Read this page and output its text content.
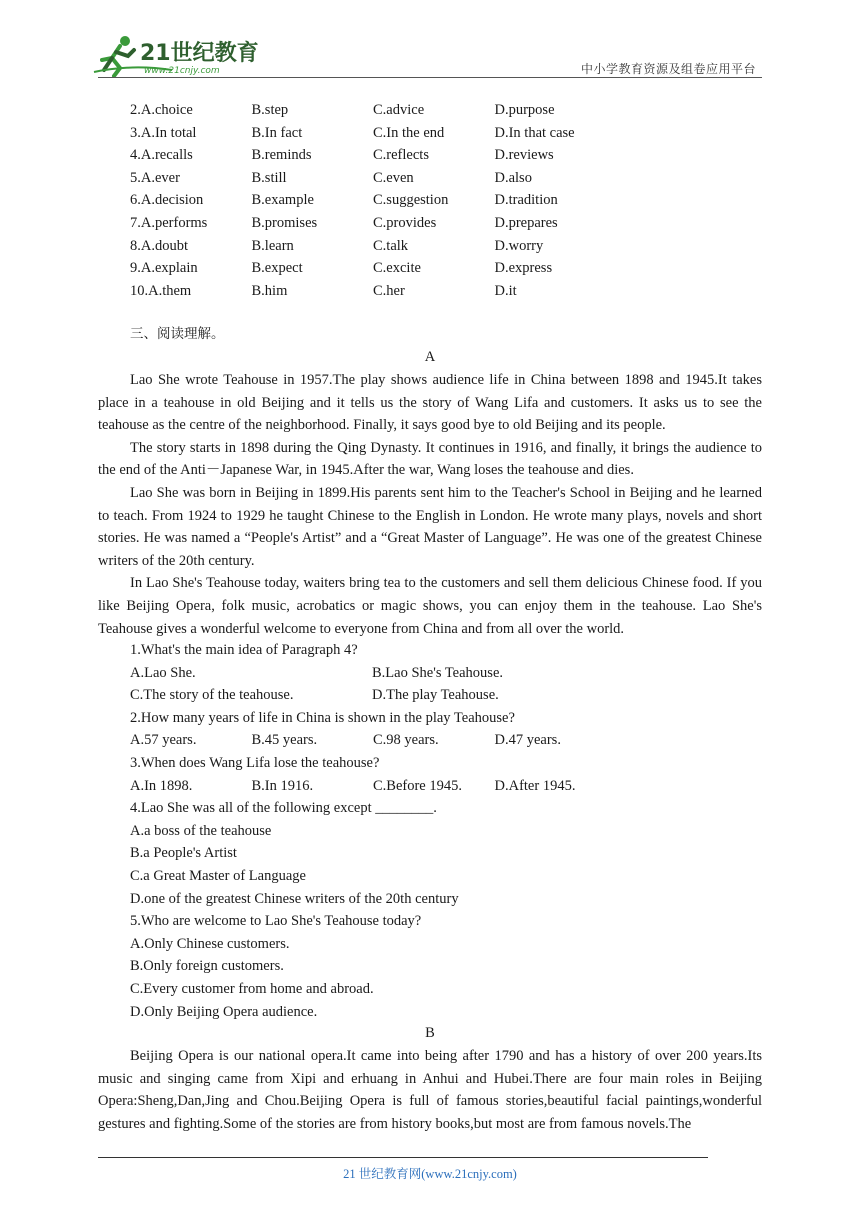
21世纪教育
www.21cnjy.com	中小学教育资源及组卷应用平台
2.A.choice	B.step	C.advice	D.purpose
3.A.In total	B.In fact	C.In the end	D.In that case
4.A.recalls	B.reminds	C.reflects	D.reviews
5.A.ever	B.still	C.even	D.also
6.A.decision	B.example	C.suggestion	D.tradition
7.A.performs	B.promises	C.provides	D.prepares
8.A.doubt	B.learn	C.talk	D.worry
9.A.explain	B.expect	C.excite	D.express
10.A.them	B.him	C.her	D.it
三、阅读理解。
A

Lao She wrote Teahouse in 1957.The play shows audience life in China between 1898 and 1945.It takes place in a teahouse in old Beijing and it tells us the story of Wang Lifa and customers. It asks us to see the teahouse as the centre of the neighborhood. Finally, it says good bye to old Beijing and its people.

The story starts in 1898 during the Qing Dynasty. It continues in 1916, and finally, it brings the audience to the end of the Anti－Japanese War, in 1945.After the war, Wang loses the teahouse and dies.

Lao She was born in Beijing in 1899.His parents sent him to the Teacher's School in Beijing and he learned to teach. From 1924 to 1929 he taught Chinese to the English in London. He wrote many plays, novels and short stories. He was named a “People's Artist” and a “Great Master of Language”. He was one of the greatest Chinese writers of the 20th century.

In Lao She's Teahouse today, waiters bring tea to the customers and sell them delicious Chinese food. If you like Beijing Opera, folk music, acrobatics or magic shows, you can enjoy them in the teahouse. Lao She's Teahouse gives a wonderful welcome to everyone from China and from all over the world.

1.What's the main idea of Paragraph 4?
A.Lao She.	B.Lao She's Teahouse.
C.The story of the teahouse.	D.The play Teahouse.
2.How many years of life in China is shown in the play Teahouse?
A.57 years.	B.45 years.	C.98 years.	D.47 years.
3.When does Wang Lifa lose the teahouse?
A.In 1898.	B.In 1916.	C.Before 1945.	D.After 1945.
4.Lao She was all of the following except ________.
A.a boss of the teahouse
B.a People's Artist
C.a Great Master of Language
D.one of the greatest Chinese writers of the 20th century
5.Who are welcome to Lao She's Teahouse today?
A.Only Chinese customers.
B.Only foreign customers.
C.Every customer from home and abroad.
D.Only Beijing Opera audience.
B

Beijing Opera is our national opera.It came into being after 1790 and has a history of over 200 years.Its music and singing came from Xipi and erhuang in Anhui and Hubei.There are four main roles in Beijing Opera:Sheng,Dan,Jing and Chou.Beijing Opera is full of famous stories,beautiful facial paintings,wonderful gestures and fighting.Some of the stories are from history books,but most are from famous novels.The

21 世纪教育网(www.21cnjy.com)
